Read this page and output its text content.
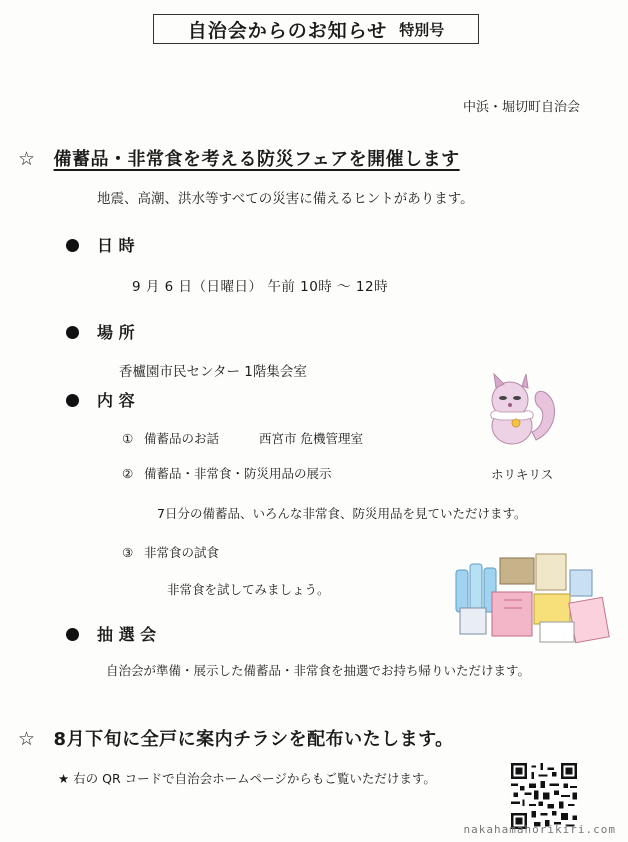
自治会からのお知らせ 特別号
中浜・堀切町自治会
☆ 備蓄品・非常食を考える防災フェアを開催します
地震、高潮、洪水等すべての災害に備えるヒントがあります。
日 時
9 月 6 日（日曜日） 午前 10時 ～ 12時
場 所
香櫨園市民センター 1階集会室
内 容
① 備蓄品のお話	西宮市 危機管理室
② 備蓄品・非常食・防災用品の展示	ホリキリス
7日分の備蓄品、いろんな非常食、防災用品を見ていただけます。
③ 非常食の試食
非常食を試してみましょう。
抽 選 会
自治会が準備・展示した備蓄品・非常食を抽選でお持ち帰りいただけます。
☆ 8月下旬に全戸に案内チラシを配布いたします。
★ 右の QR コードで自治会ホームページからもご覧いただけます。
nakahamahorikiri.com
